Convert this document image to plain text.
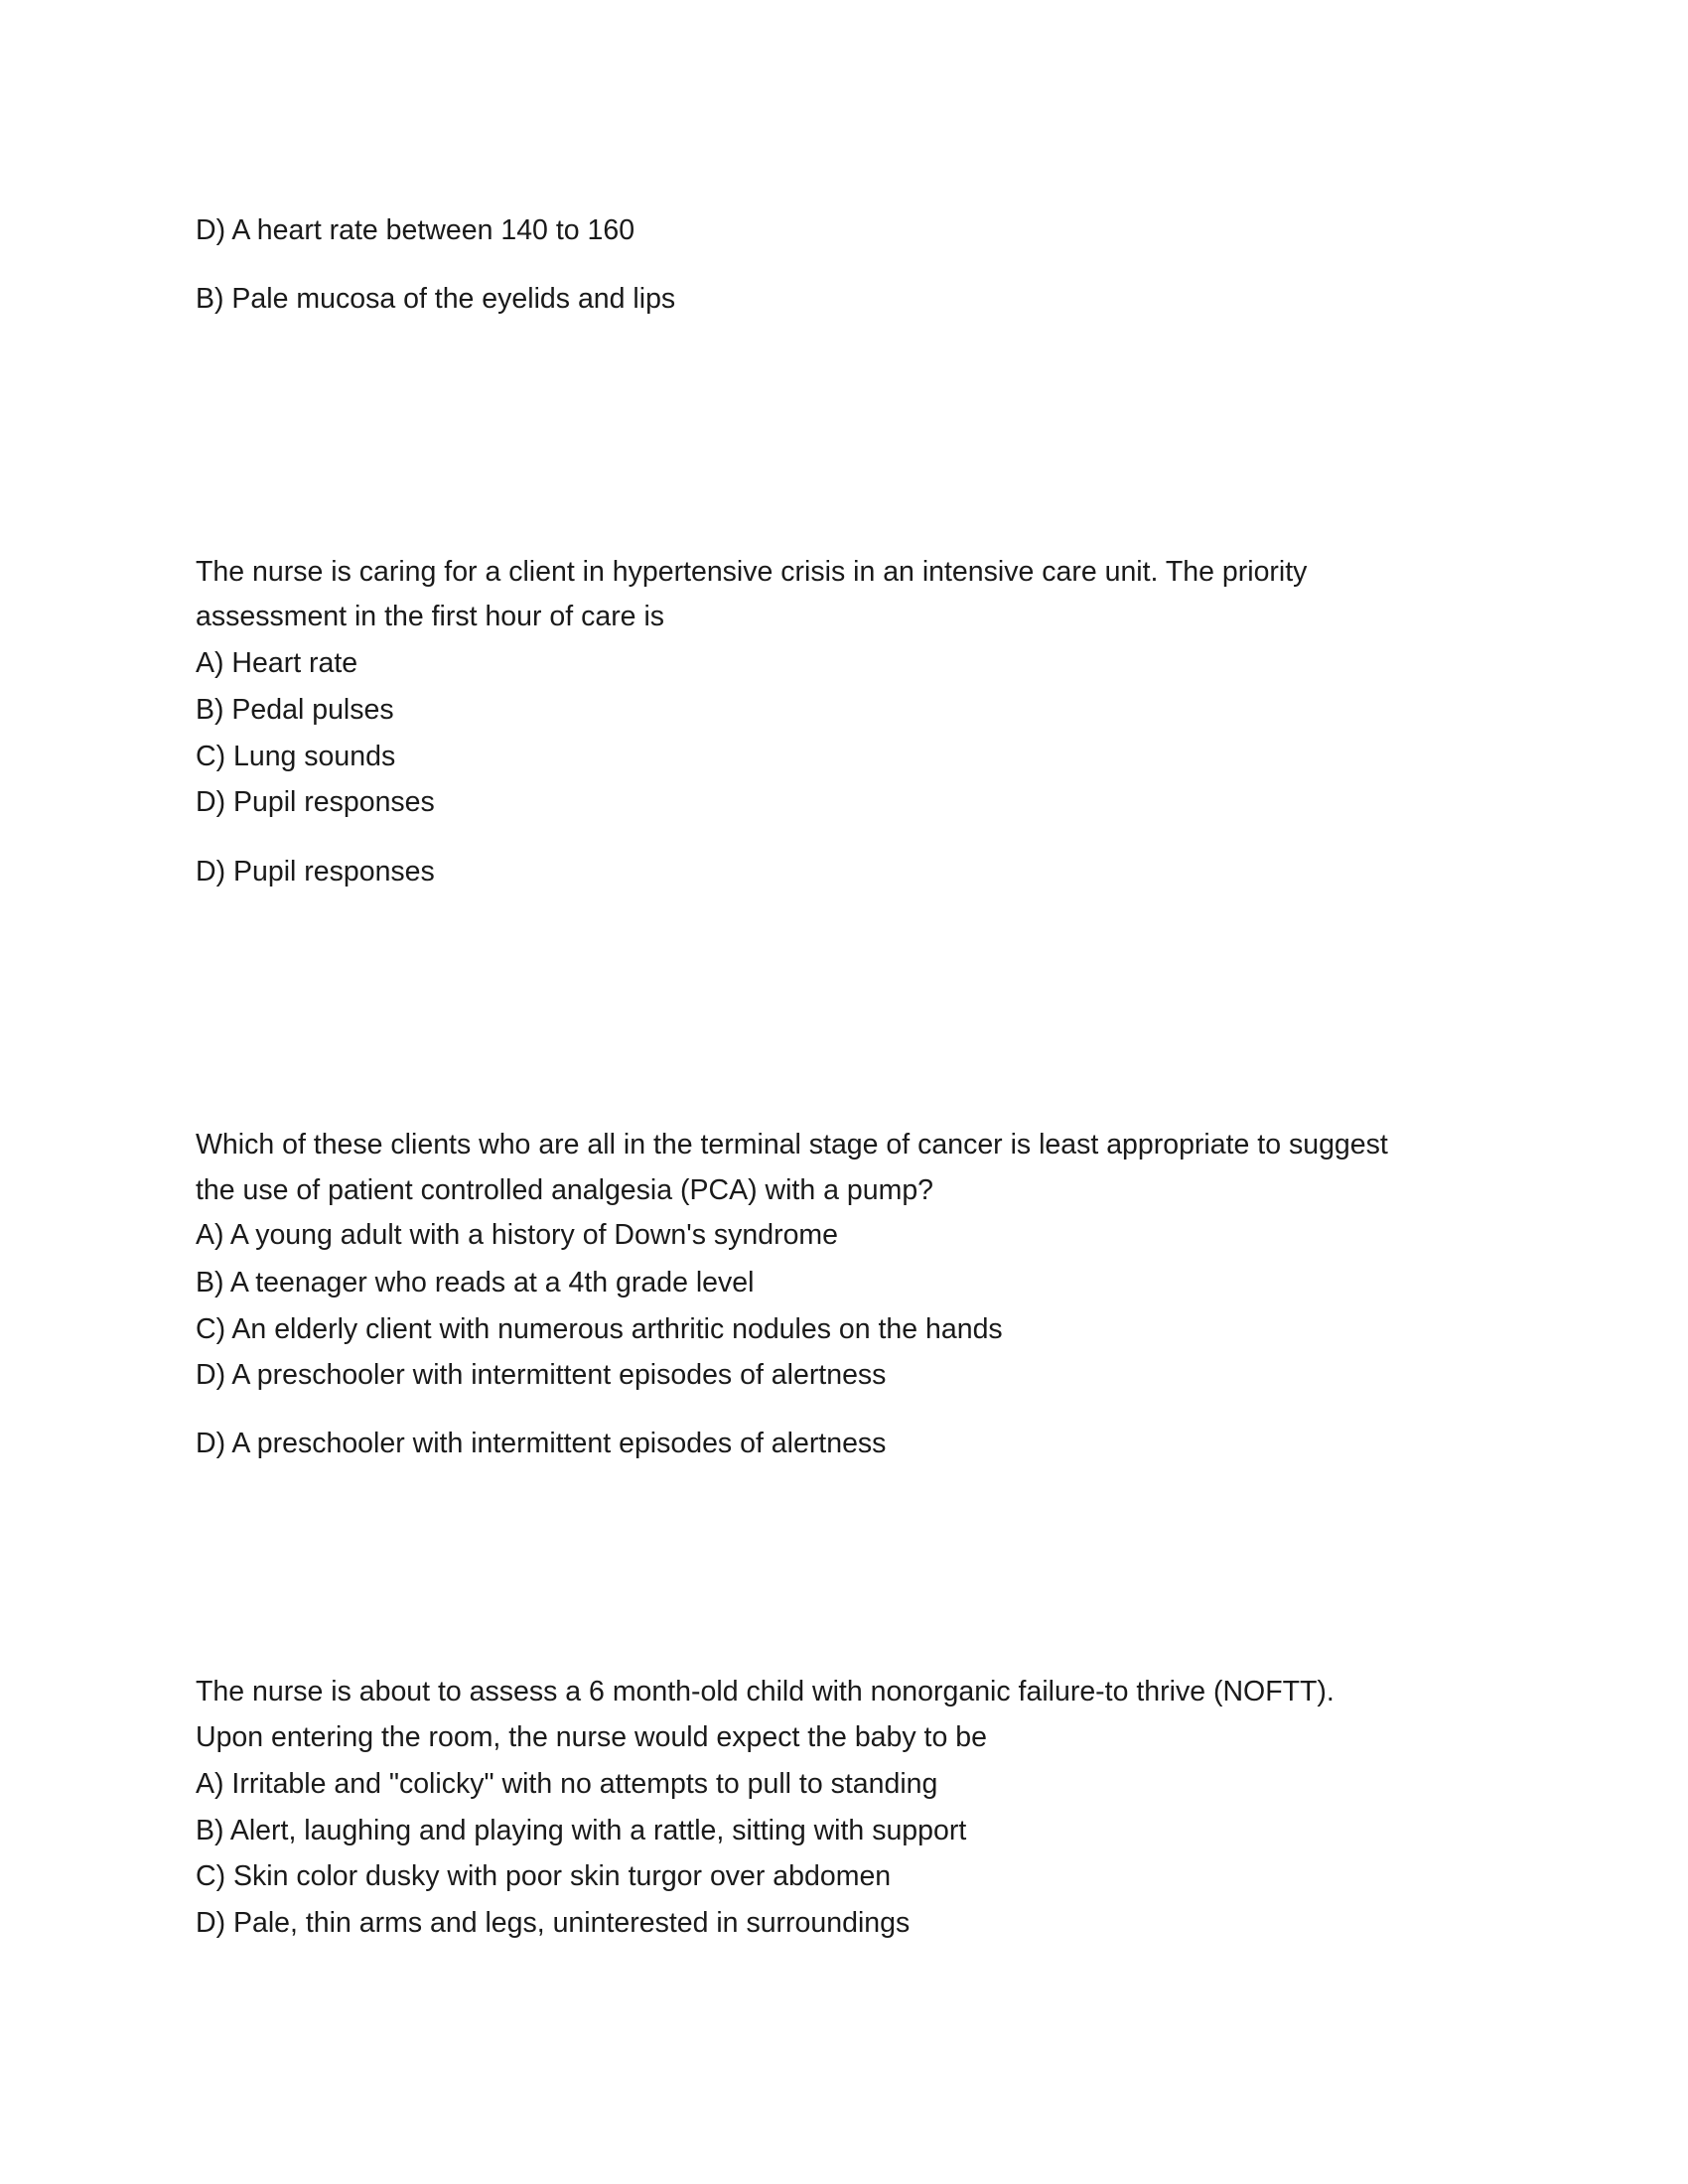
D) A heart rate between 140 to 160
B) Pale mucosa of the eyelids and lips
The nurse is caring for a client in hypertensive crisis in an intensive care unit. The priority
assessment in the first hour of care is
A) Heart rate
B) Pedal pulses
C) Lung sounds
D) Pupil responses
D) Pupil responses
Which of these clients who are all in the terminal stage of cancer is least appropriate to suggest
the use of patient controlled analgesia (PCA) with a pump?
A) A young adult with a history of Down's syndrome
B) A teenager who reads at a 4th grade level
C) An elderly client with numerous arthritic nodules on the hands
D) A preschooler with intermittent episodes of alertness
D) A preschooler with intermittent episodes of alertness
The nurse is about to assess a 6 month-old child with nonorganic failure-to thrive (NOFTT).
Upon entering the room, the nurse would expect the baby to be
A) Irritable and "colicky" with no attempts to pull to standing
B) Alert, laughing and playing with a rattle, sitting with support
C) Skin color dusky with poor skin turgor over abdomen
D) Pale, thin arms and legs, uninterested in surroundings
